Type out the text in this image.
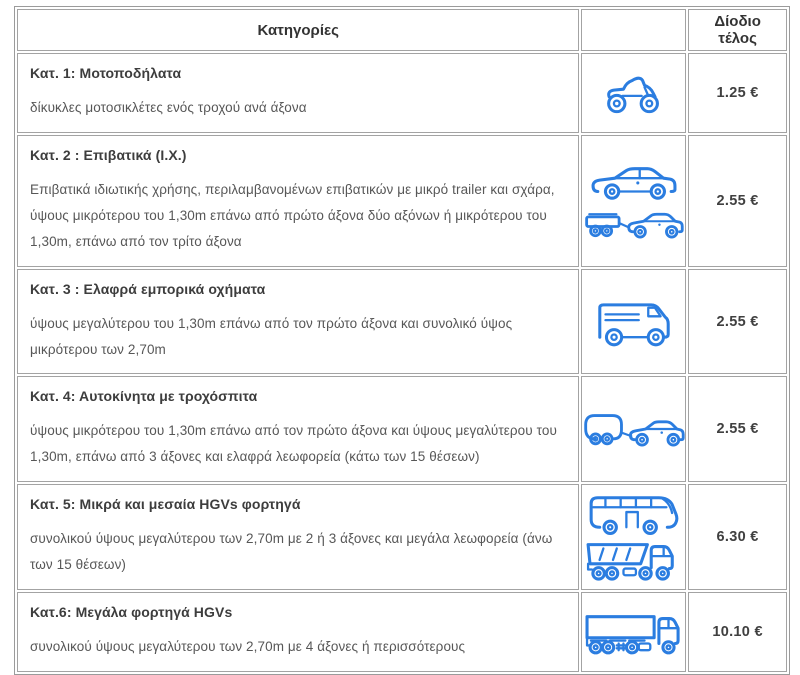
Κατηγορίες		Δίοδιο τέλος

Κατ. 1: Μοτοποδήλατα
δίκυκλες μοτοσικλέτες ενός τροχού ανά άξονα		1.25 €

Κατ. 2 : Επιβατικά (Ι.Χ.)
Επιβατικά ιδιωτικής χρήσης, περιλαμβανομένων επιβατικών με μικρό trailer και σχάρα, ύψους μικρότερου του 1,30m επάνω από πρώτο άξονα δύο αξόνων ή μικρότερου του 1,30m, επάνω από τον τρίτο άξονα		2.55 €

Κατ. 3 : Ελαφρά εμπορικά οχήματα
ύψους μεγαλύτερου του 1,30m επάνω από τον πρώτο άξονα και συνολικό ύψος μικρότερου των 2,70m		2.55 €

Κατ. 4: Αυτοκίνητα με τροχόσπιτα
ύψους μικρότερου του 1,30m επάνω από τον πρώτο άξονα και ύψους μεγαλύτερου του 1,30m, επάνω από 3 άξονες και ελαφρά λεωφορεία (κάτω των 15 θέσεων)		2.55 €

Κατ. 5: Μικρά και μεσαία HGVs φορτηγά
συνολικού ύψους μεγαλύτερου των 2,70m με 2 ή 3 άξονες και μεγάλα λεωφορεία (άνω των 15 θέσεων)		6.30 €

Κατ.6: Μεγάλα φορτηγά HGVs
συνολικού ύψους μεγαλύτερου των 2,70m με 4 άξονες ή περισσότερους		10.10 €
